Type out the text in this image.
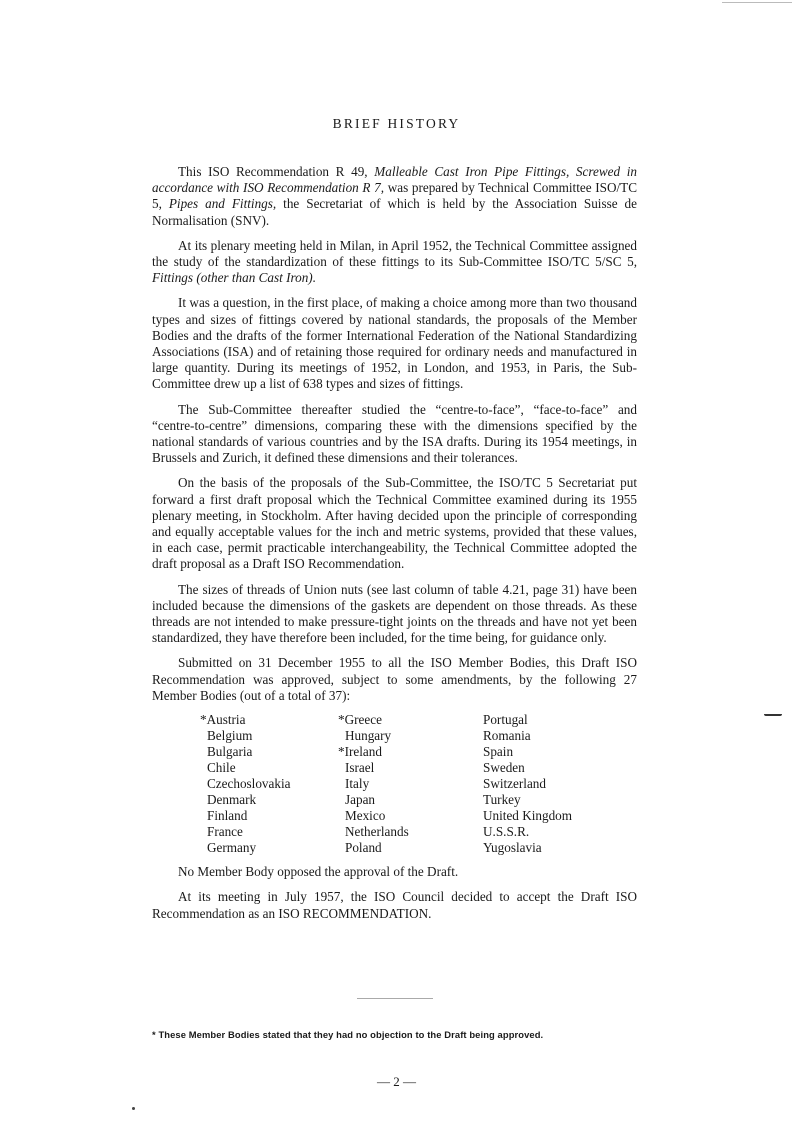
BRIEF HISTORY

This ISO Recommendation R 49, Malleable Cast Iron Pipe Fittings, Screwed in accordance with ISO Recommendation R 7, was prepared by Technical Committee ISO/TC 5, Pipes and Fittings, the Secretariat of which is held by the Association Suisse de Normalisation (SNV).

At its plenary meeting held in Milan, in April 1952, the Technical Committee assigned the study of the standardization of these fittings to its Sub-Committee ISO/TC 5/SC 5, Fittings (other than Cast Iron).

It was a question, in the first place, of making a choice among more than two thousand types and sizes of fittings covered by national standards, the proposals of the Member Bodies and the drafts of the former International Federation of the National Standardizing Associations (ISA) and of retaining those required for ordinary needs and manufactured in large quantity. During its meetings of 1952, in London, and 1953, in Paris, the Sub-Committee drew up a list of 638 types and sizes of fittings.

The Sub-Committee thereafter studied the “centre-to-face”, “face-to-face” and “centre-to-centre” dimensions, comparing these with the dimensions specified by the national standards of various countries and by the ISA drafts. During its 1954 meetings, in Brussels and Zurich, it defined these dimensions and their tolerances.

On the basis of the proposals of the Sub-Committee, the ISO/TC 5 Secretariat put forward a first draft proposal which the Technical Committee examined during its 1955 plenary meeting, in Stockholm. After having decided upon the principle of corresponding and equally acceptable values for the inch and metric systems, provided that these values, in each case, permit practicable interchangeability, the Technical Committee adopted the draft proposal as a Draft ISO Recommendation.

The sizes of threads of Union nuts (see last column of table 4.21, page 31) have been included because the dimensions of the gaskets are dependent on those threads. As these threads are not intended to make pressure-tight joints on the threads and have not yet been standardized, they have therefore been included, for the time being, for guidance only.

Submitted on 31 December 1955 to all the ISO Member Bodies, this Draft ISO Recommendation was approved, subject to some amendments, by the following 27 Member Bodies (out of a total of 37):

*Austria
Belgium
Bulgaria
Chile
Czechoslovakia
Denmark
Finland
France
Germany
*Greece
Hungary
*Ireland
Israel
Italy
Japan
Mexico
Netherlands
Poland
Portugal
Romania
Spain
Sweden
Switzerland
Turkey
United Kingdom
U.S.S.R.
Yugoslavia

No Member Body opposed the approval of the Draft.

At its meeting in July 1957, the ISO Council decided to accept the Draft ISO Recommendation as an ISO RECOMMENDATION.

* These Member Bodies stated that they had no objection to the Draft being approved.
— 2 —
